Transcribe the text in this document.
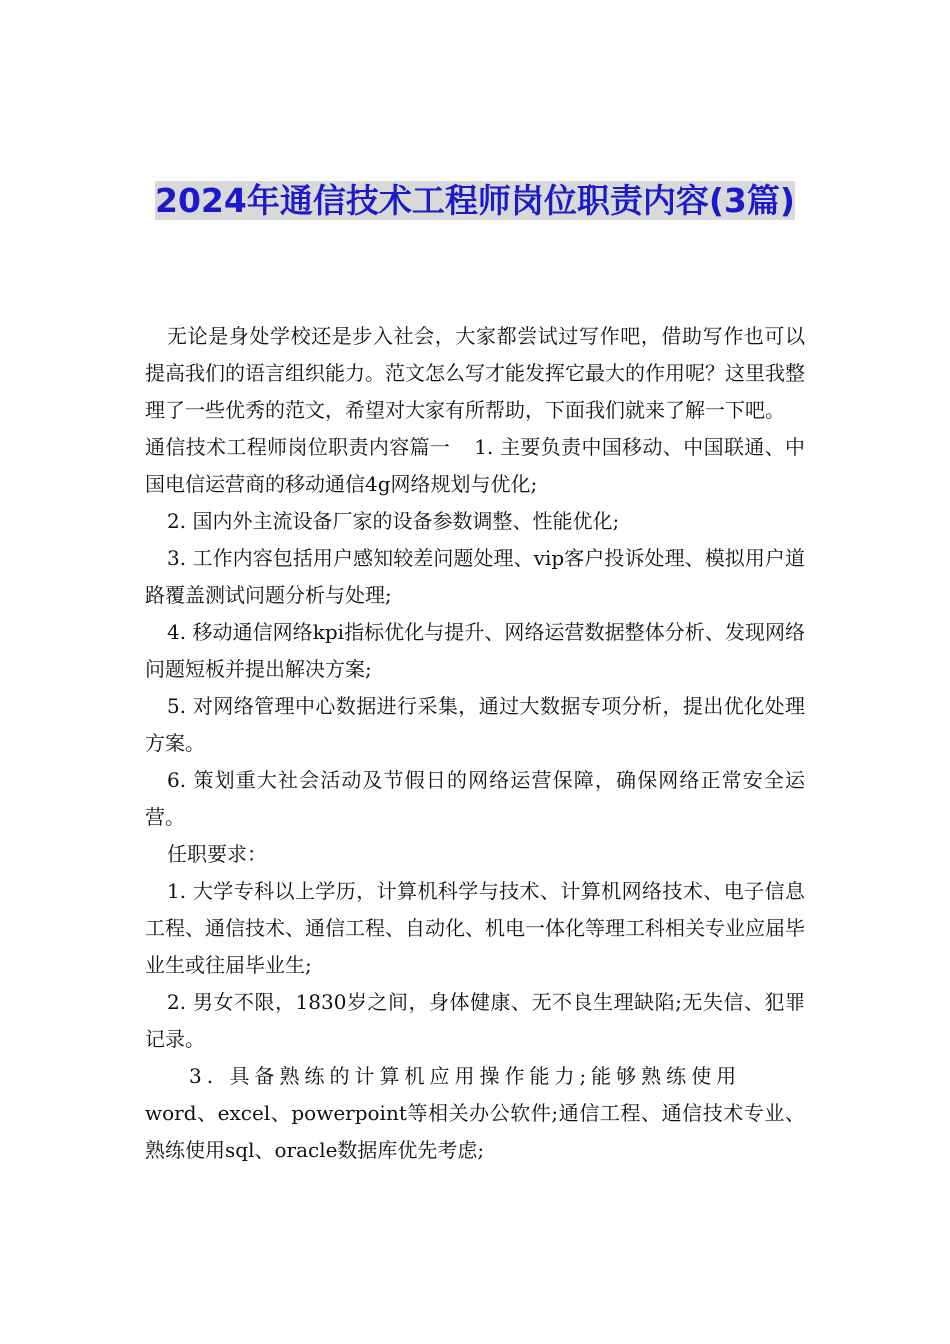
2024年通信技术工程师岗位职责内容(3篇)

无论是身处学校还是步入社会，大家都尝试过写作吧，借助写作也可以提高我们的语言组织能力。范文怎么写才能发挥它最大的作用呢？这里我整理了一些优秀的范文，希望对大家有所帮助，下面我们就来了解一下吧。

通信技术工程师岗位职责内容篇一 1. 主要负责中国移动、中国联通、中国电信运营商的移动通信4g网络规划与优化;

2. 国内外主流设备厂家的设备参数调整、性能优化;

3. 工作内容包括用户感知较差问题处理、vip客户投诉处理、模拟用户道路覆盖测试问题分析与处理;

4. 移动通信网络kpi指标优化与提升、网络运营数据整体分析、发现网络问题短板并提出解决方案;

5. 对网络管理中心数据进行采集，通过大数据专项分析，提出优化处理方案。

6. 策划重大社会活动及节假日的网络运营保障，确保网络正常安全运营。

任职要求：

1. 大学专科以上学历，计算机科学与技术、计算机网络技术、电子信息工程、通信技术、通信工程、自动化、机电一体化等理工科相关专业应届毕业生或往届毕业生;

2. 男女不限，1830岁之间，身体健康、无不良生理缺陷;无失信、犯罪记录。

3. 具备熟练的计算机应用操作能力;能够熟练使用

word、excel、powerpoint等相关办公软件;通信工程、通信技术专业、熟练使用sql、oracle数据库优先考虑;
